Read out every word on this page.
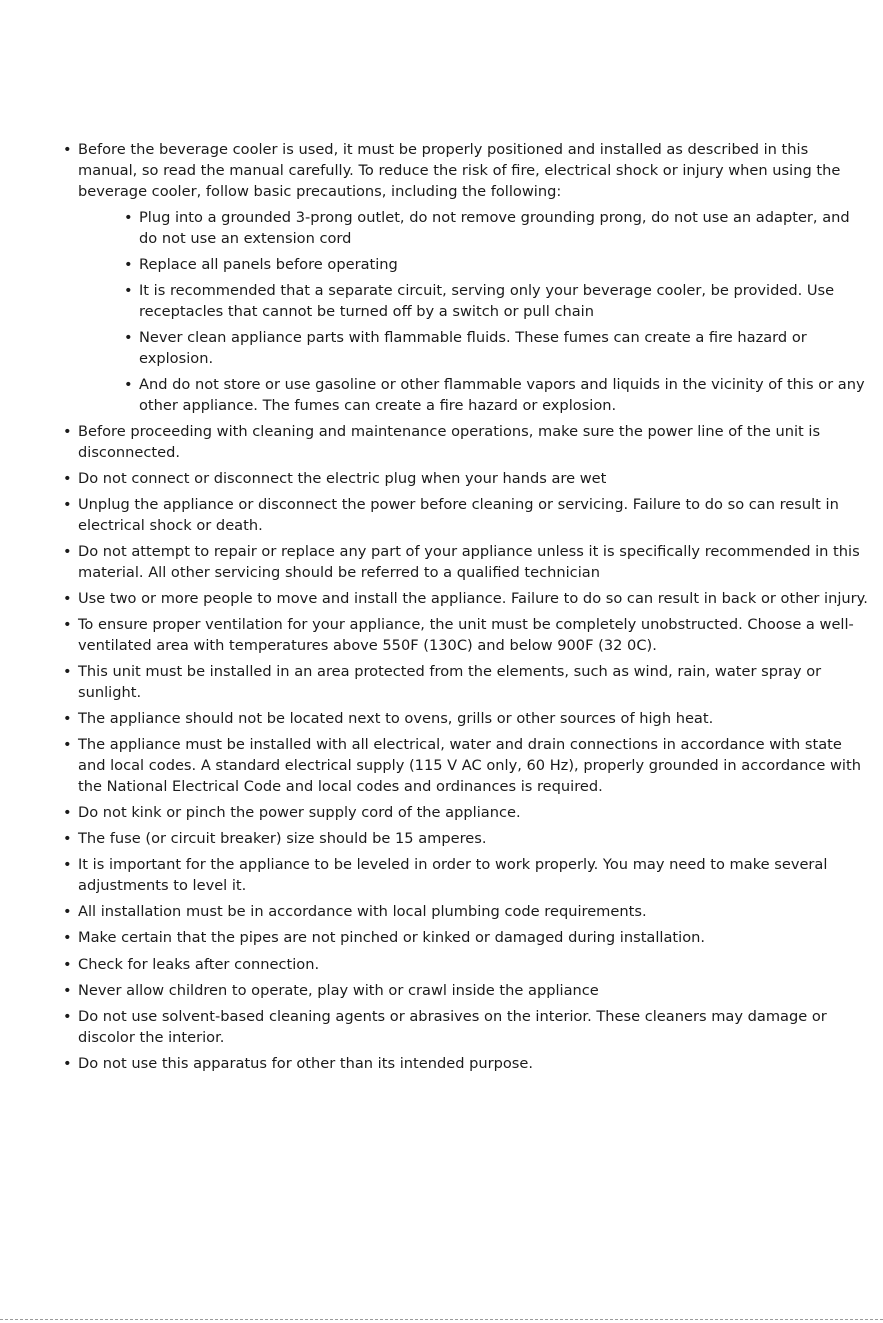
• Before the beverage cooler is used, it must be properly positioned and installed as described in this manual, so read the manual carefully. To reduce the risk of fire, electrical shock or injury when using the beverage cooler, follow basic precautions, including the following:
• Plug into a grounded 3-prong outlet, do not remove grounding prong, do not use an adapter, and do not use an extension cord
• Replace all panels before operating
• It is recommended that a separate circuit, serving only your beverage cooler, be provided. Use receptacles that cannot be turned off by a switch or pull chain
• Never clean appliance parts with flammable fluids. These fumes can create a fire hazard or explosion.
• And do not store or use gasoline or other flammable vapors and liquids in the vicinity of this or any other appliance. The fumes can create a fire hazard or explosion.
• Before proceeding with cleaning and maintenance operations, make sure the power line of the unit is disconnected.
• Do not connect or disconnect the electric plug when your hands are wet
• Unplug the appliance or disconnect the power before cleaning or servicing. Failure to do so can result in electrical shock or death.
• Do not attempt to repair or replace any part of your appliance unless it is specifically recommended in this material. All other servicing should be referred to a qualified technician
• Use two or more people to move and install the appliance. Failure to do so can result in back or other injury.
• To ensure proper ventilation for your appliance, the unit must be completely unobstructed. Choose a well-ventilated area with temperatures above 550F (130C) and below 900F (32 0C).
• This unit must be installed in an area protected from the elements, such as wind, rain, water spray or sunlight.
• The appliance should not be located next to ovens, grills or other sources of high heat.
• The appliance must be installed with all electrical, water and drain connections in accordance with state and local codes. A standard electrical supply (115 V AC only, 60 Hz), properly grounded in accordance with the National Electrical Code and local codes and ordinances is required.
• Do not kink or pinch the power supply cord of the appliance.
• The fuse (or circuit breaker) size should be 15 amperes.
• It is important for the appliance to be leveled in order to work properly. You may need to make several adjustments to level it.
• All installation must be in accordance with local plumbing code requirements.
• Make certain that the pipes are not pinched or kinked or damaged during installation.
• Check for leaks after connection.
• Never allow children to operate, play with or crawl inside the appliance
• Do not use solvent-based cleaning agents or abrasives on the interior. These cleaners may damage or discolor the interior.
• Do not use this apparatus for other than its intended purpose.
